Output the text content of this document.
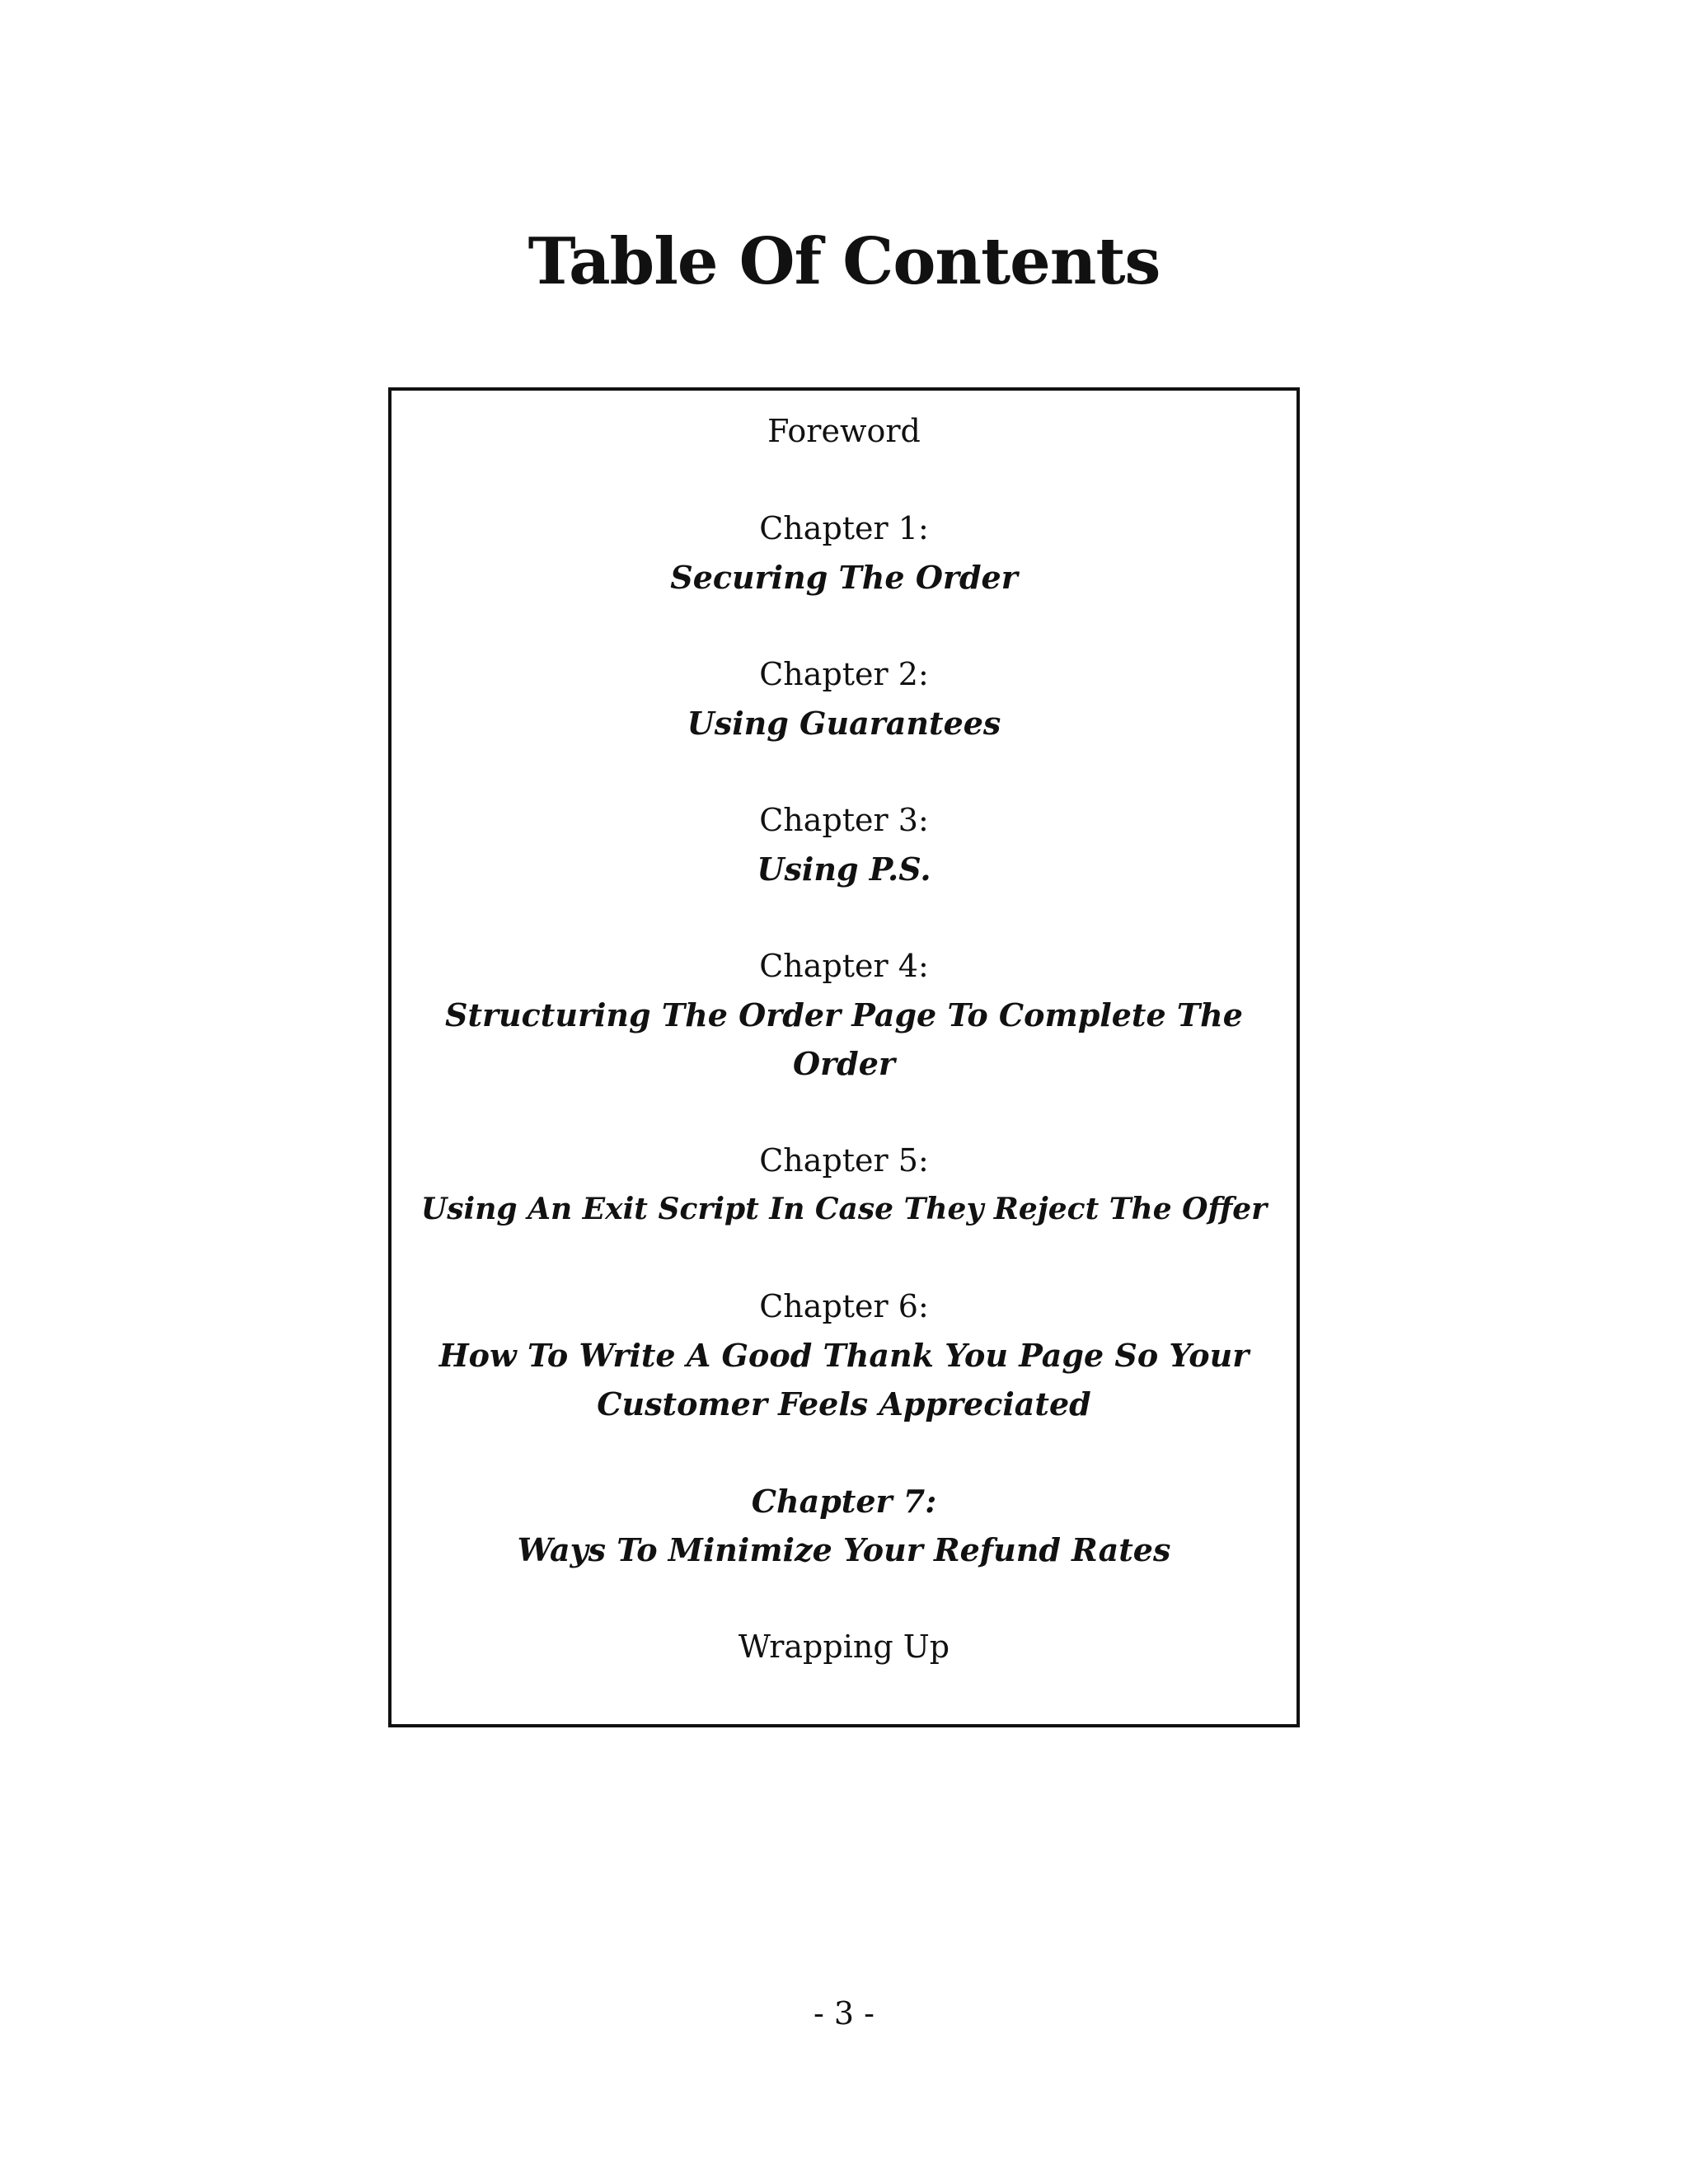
Table Of Contents
Foreword
Chapter 1:
Securing The Order
Chapter 2:
Using Guarantees
Chapter 3:
Using P.S.
Chapter 4:
Structuring The Order Page To Complete The Order
Chapter 5:
Using An Exit Script In Case They Reject The Offer
Chapter 6:
How To Write A Good Thank You Page So Your Customer Feels Appreciated
Chapter 7:
Ways To Minimize Your Refund Rates
Wrapping Up
- 3 -
